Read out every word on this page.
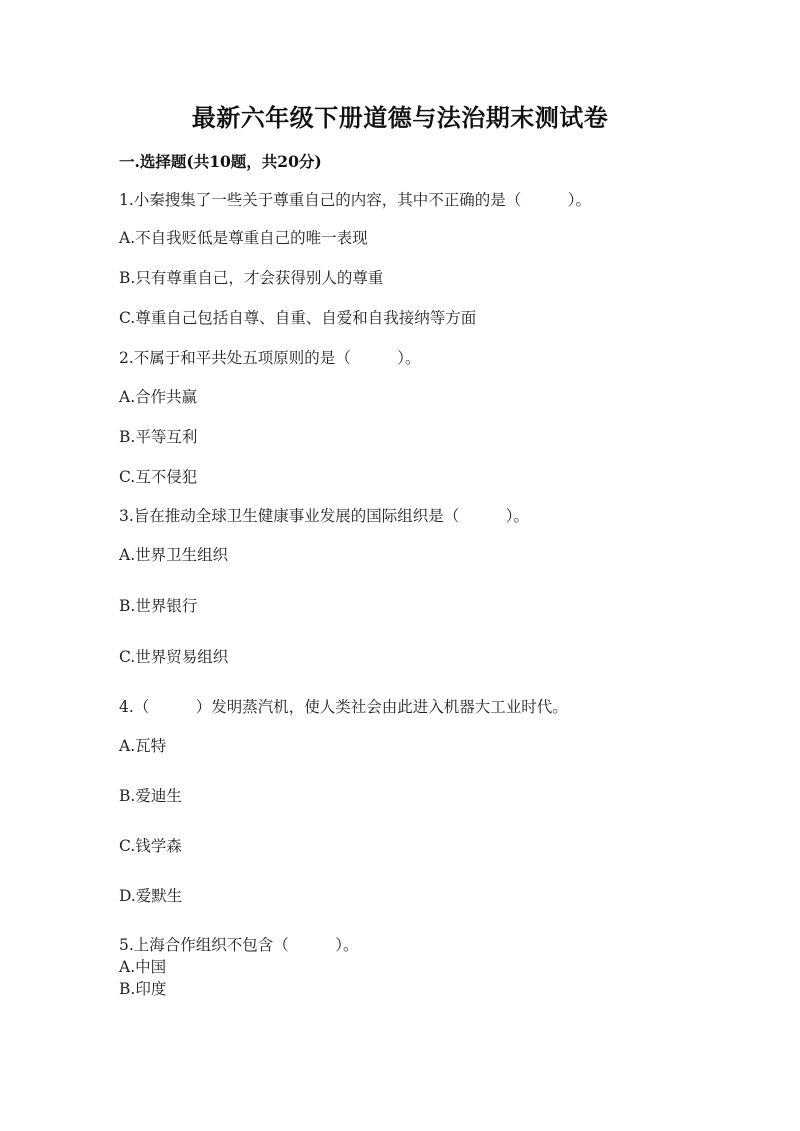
最新六年级下册道德与法治期末测试卷
一.选择题(共10题，共20分)
1.小秦搜集了一些关于尊重自己的内容，其中不正确的是（　　　）。
A.不自我贬低是尊重自己的唯一表现
B.只有尊重自己，才会获得别人的尊重
C.尊重自己包括自尊、自重、自爱和自我接纳等方面
2.不属于和平共处五项原则的是（　　　）。
A.合作共赢
B.平等互利
C.互不侵犯
3.旨在推动全球卫生健康事业发展的国际组织是（　　　）。
A.世界卫生组织
B.世界银行
C.世界贸易组织
4.（　　　）发明蒸汽机，使人类社会由此进入机器大工业时代。
A.瓦特
B.爱迪生
C.钱学森
D.爱默生
5.上海合作组织不包含（　　　）。
A.中国
B.印度
